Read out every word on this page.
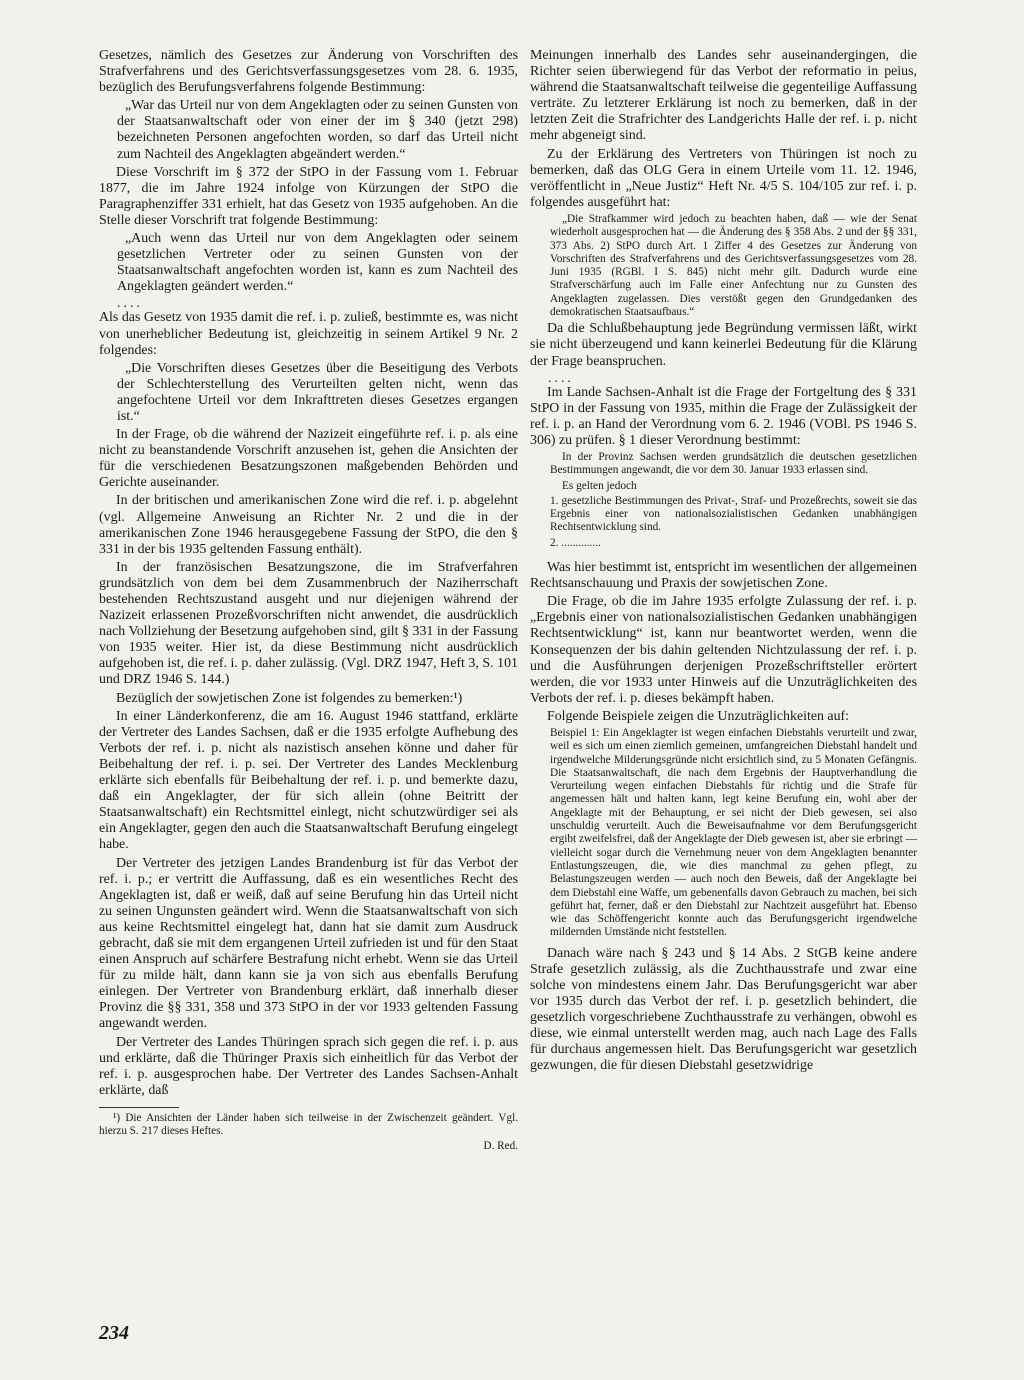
Gesetzes, nämlich des Gesetzes zur Änderung von Vorschriften des Strafverfahrens und des Gerichtsverfassungsgesetzes vom 28. 6. 1935, bezüglich des Berufungsverfahrens folgende Bestimmung:

„War das Urteil nur von dem Angeklagten oder zu seinen Gunsten von der Staatsanwaltschaft oder von einer der im § 340 (jetzt 298) bezeichneten Personen angefochten worden, so darf das Urteil nicht zum Nachteil des Angeklagten abgeändert werden.“

Diese Vorschrift im § 372 der StPO in der Fassung vom 1. Februar 1877, die im Jahre 1924 infolge von Kürzungen der StPO die Paragraphenziffer 331 erhielt, hat das Gesetz von 1935 aufgehoben. An die Stelle dieser Vorschrift trat folgende Bestimmung:

„Auch wenn das Urteil nur von dem Angeklagten oder seinem gesetzlichen Vertreter oder zu seinen Gunsten von der Staatsanwaltschaft angefochten worden ist, kann es zum Nachteil des Angeklagten geändert werden.“

....

Als das Gesetz von 1935 damit die ref. i. p. zuließ, bestimmte es, was nicht von unerheblicher Bedeutung ist, gleichzeitig in seinem Artikel 9 Nr. 2 folgendes:

„Die Vorschriften dieses Gesetzes über die Beseitigung des Verbots der Schlechterstellung des Verurteilten gelten nicht, wenn das angefochtene Urteil vor dem Inkrafttreten dieses Gesetzes ergangen ist.“

In der Frage, ob die während der Nazizeit eingeführte ref. i. p. als eine nicht zu beanstandende Vorschrift anzusehen ist, gehen die Ansichten der für die verschiedenen Besatzungszonen maßgebenden Behörden und Gerichte auseinander.

In der britischen und amerikanischen Zone wird die ref. i. p. abgelehnt (vgl. Allgemeine Anweisung an Richter Nr. 2 und die in der amerikanischen Zone 1946 herausgegebene Fassung der StPO, die den § 331 in der bis 1935 geltenden Fassung enthält).

In der französischen Besatzungszone, die im Strafverfahren grundsätzlich von dem bei dem Zusammenbruch der Naziherrschaft bestehenden Rechtszustand ausgeht und nur diejenigen während der Nazizeit erlassenen Prozeßvorschriften nicht anwendet, die ausdrücklich nach Vollziehung der Besetzung aufgehoben sind, gilt § 331 in der Fassung von 1935 weiter. Hier ist, da diese Bestimmung nicht ausdrücklich aufgehoben ist, die ref. i. p. daher zulässig. (Vgl. DRZ 1947, Heft 3, S. 101 und DRZ 1946 S. 144.)

Bezüglich der sowjetischen Zone ist folgendes zu bemerken:¹)

In einer Länderkonferenz, die am 16. August 1946 stattfand, erklärte der Vertreter des Landes Sachsen, daß er die 1935 erfolgte Aufhebung des Verbots der ref. i. p. nicht als nazistisch ansehen könne und daher für Beibehaltung der ref. i. p. sei. Der Vertreter des Landes Mecklenburg erklärte sich ebenfalls für Beibehaltung der ref. i. p. und bemerkte dazu, daß ein Angeklagter, der für sich allein (ohne Beitritt der Staatsanwaltschaft) ein Rechtsmittel einlegt, nicht schutzwürdiger sei als ein Angeklagter, gegen den auch die Staatsanwaltschaft Berufung eingelegt habe.

Der Vertreter des jetzigen Landes Brandenburg ist für das Verbot der ref. i. p.; er vertritt die Auffassung, daß es ein wesentliches Recht des Angeklagten ist, daß er weiß, daß auf seine Berufung hin das Urteil nicht zu seinen Ungunsten geändert wird. Wenn die Staatsanwaltschaft von sich aus keine Rechtsmittel eingelegt hat, dann hat sie damit zum Ausdruck gebracht, daß sie mit dem ergangenen Urteil zufrieden ist und für den Staat einen Anspruch auf schärfere Bestrafung nicht erhebt. Wenn sie das Urteil für zu milde hält, dann kann sie ja von sich aus ebenfalls Berufung einlegen. Der Vertreter von Brandenburg erklärt, daß innerhalb dieser Provinz die §§ 331, 358 und 373 StPO in der vor 1933 geltenden Fassung angewandt werden.

Der Vertreter des Landes Thüringen sprach sich gegen die ref. i. p. aus und erklärte, daß die Thüringer Praxis sich einheitlich für das Verbot der ref. i. p. ausgesprochen habe. Der Vertreter des Landes Sachsen-Anhalt erklärte, daß

¹) Die Ansichten der Länder haben sich teilweise in der Zwischenzeit geändert. Vgl. hierzu S. 217 dieses Heftes.

D. Red.

Meinungen innerhalb des Landes sehr auseinandergingen, die Richter seien überwiegend für das Verbot der reformatio in peius, während die Staatsanwaltschaft teilweise die gegenteilige Auffassung verträte. Zu letzterer Erklärung ist noch zu bemerken, daß in der letzten Zeit die Strafrichter des Landgerichts Halle der ref. i. p. nicht mehr abgeneigt sind.

Zu der Erklärung des Vertreters von Thüringen ist noch zu bemerken, daß das OLG Gera in einem Urteile vom 11. 12. 1946, veröffentlicht in „Neue Justiz“ Heft Nr. 4/5 S. 104/105 zur ref. i. p. folgendes ausgeführt hat:

„Die Strafkammer wird jedoch zu beachten haben, daß — wie der Senat wiederholt ausgesprochen hat — die Änderung des § 358 Abs. 2 und der §§ 331, 373 Abs. 2) StPO durch Art. 1 Ziffer 4 des Gesetzes zur Änderung von Vorschriften des Strafverfahrens und des Gerichtsverfassungsgesetzes vom 28. Juni 1935 (RGBl. I S. 845) nicht mehr gilt. Dadurch wurde eine Strafverschärfung auch im Falle einer Anfechtung nur zu Gunsten des Angeklagten zugelassen. Dies verstößt gegen den Grundgedanken des demokratischen Staatsaufbaus.“

Da die Schlußbehauptung jede Begründung vermissen läßt, wirkt sie nicht überzeugend und kann keinerlei Bedeutung für die Klärung der Frage beanspruchen.

....

Im Lande Sachsen-Anhalt ist die Frage der Fortgeltung des § 331 StPO in der Fassung von 1935, mithin die Frage der Zulässigkeit der ref. i. p. an Hand der Verordnung vom 6. 2. 1946 (VOBl. PS 1946 S. 306) zu prüfen. § 1 dieser Verordnung bestimmt:

In der Provinz Sachsen werden grundsätzlich die deutschen gesetzlichen Bestimmungen angewandt, die vor dem 30. Januar 1933 erlassen sind.

Es gelten jedoch

1. gesetzliche Bestimmungen des Privat-, Straf- und Prozeßrechts, soweit sie das Ergebnis einer von nationalsozialistischen Gedanken unabhängigen Rechtsentwicklung sind.

2. ..............

Was hier bestimmt ist, entspricht im wesentlichen der allgemeinen Rechtsanschauung und Praxis der sowjetischen Zone.

Die Frage, ob die im Jahre 1935 erfolgte Zulassung der ref. i. p. „Ergebnis einer von nationalsozialistischen Gedanken unabhängigen Rechtsentwicklung“ ist, kann nur beantwortet werden, wenn die Konsequenzen der bis dahin geltenden Nichtzulassung der ref. i. p. und die Ausführungen derjenigen Prozeßschriftsteller erörtert werden, die vor 1933 unter Hinweis auf die Unzuträglichkeiten des Verbots der ref. i. p. dieses bekämpft haben.

Folgende Beispiele zeigen die Unzuträglichkeiten auf:

Beispiel 1: Ein Angeklagter ist wegen einfachen Diebstahls verurteilt und zwar, weil es sich um einen ziemlich gemeinen, umfangreichen Diebstahl handelt und irgendwelche Milderungsgründe nicht ersichtlich sind, zu 5 Monaten Gefängnis. Die Staatsanwaltschaft, die nach dem Ergebnis der Hauptverhandlung die Verurteilung wegen einfachen Diebstahls für richtig und die Strafe für angemessen hält und halten kann, legt keine Berufung ein, wohl aber der Angeklagte mit der Behauptung, er sei nicht der Dieb gewesen, sei also unschuldig verurteilt. Auch die Beweisaufnahme vor dem Berufungsgericht ergibt zweifelsfrei, daß der Angeklagte der Dieb gewesen ist, aber sie erbringt — vielleicht sogar durch die Vernehmung neuer von dem Angeklagten benannter Entlastungszeugen, die, wie dies manchmal zu gehen pflegt, zu Belastungszeugen werden — auch noch den Beweis, daß der Angeklagte bei dem Diebstahl eine Waffe, um gebenenfalls davon Gebrauch zu machen, bei sich geführt hat, ferner, daß er den Diebstahl zur Nachtzeit ausgeführt hat. Ebenso wie das Schöffengericht konnte auch das Berufungsgericht irgendwelche mildernden Umstände nicht feststellen.

Danach wäre nach § 243 und § 14 Abs. 2 StGB keine andere Strafe gesetzlich zulässig, als die Zuchthausstrafe und zwar eine solche von mindestens einem Jahr. Das Berufungsgericht war aber vor 1935 durch das Verbot der ref. i. p. gesetzlich behindert, die gesetzlich vorgeschriebene Zuchthausstrafe zu verhängen, obwohl es diese, wie einmal unterstellt werden mag, auch nach Lage des Falls für durchaus angemessen hielt. Das Berufungsgericht war gesetzlich gezwungen, die für diesen Diebstahl gesetzwidrige

234
